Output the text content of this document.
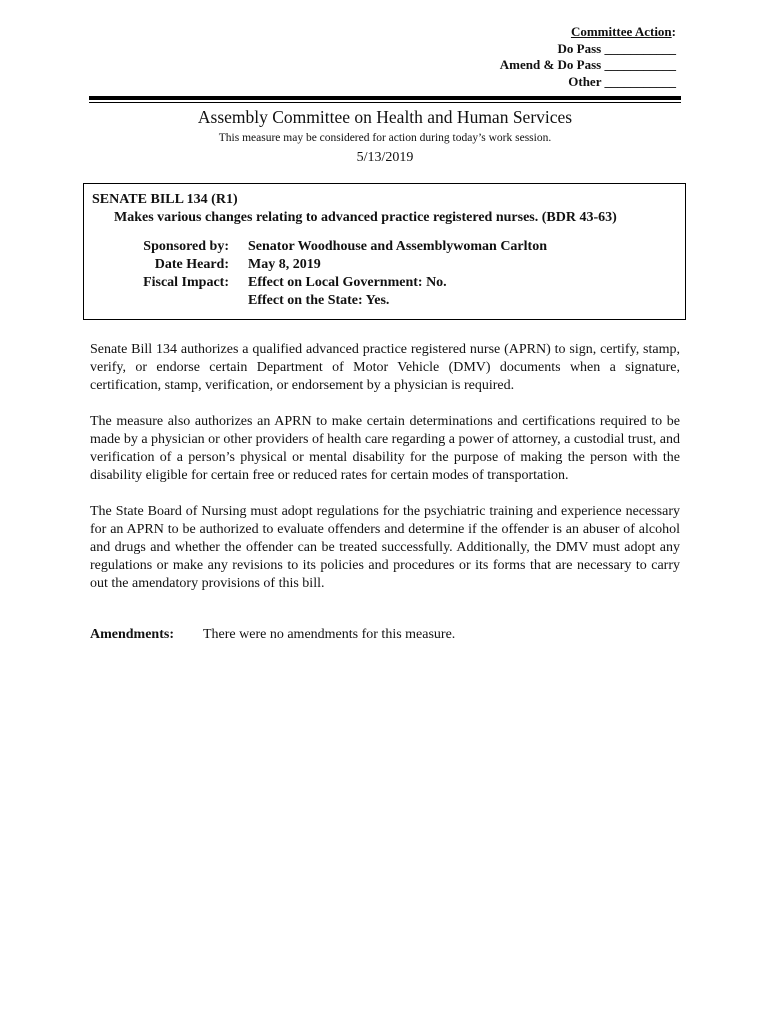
Committee Action:
Do Pass ___________
Amend & Do Pass ___________
Other ___________
Assembly Committee on Health and Human Services
This measure may be considered for action during today’s work session.
5/13/2019
SENATE BILL 134 (R1)
Makes various changes relating to advanced practice registered nurses. (BDR 43-63)
Sponsored by: Senator Woodhouse and Assemblywoman Carlton
Date Heard: May 8, 2019
Fiscal Impact: Effect on Local Government: No.
Effect on the State: Yes.

Senate Bill 134 authorizes a qualified advanced practice registered nurse (APRN) to sign, certify, stamp, verify, or endorse certain Department of Motor Vehicle (DMV) documents when a signature, certification, stamp, verification, or endorsement by a physician is required.

The measure also authorizes an APRN to make certain determinations and certifications required to be made by a physician or other providers of health care regarding a power of attorney, a custodial trust, and verification of a person’s physical or mental disability for the purpose of making the person with the disability eligible for certain free or reduced rates for certain modes of transportation.

The State Board of Nursing must adopt regulations for the psychiatric training and experience necessary for an APRN to be authorized to evaluate offenders and determine if the offender is an abuser of alcohol and drugs and whether the offender can be treated successfully. Additionally, the DMV must adopt any regulations or make any revisions to its policies and procedures or its forms that are necessary to carry out the amendatory provisions of this bill.

Amendments:	There were no amendments for this measure.
